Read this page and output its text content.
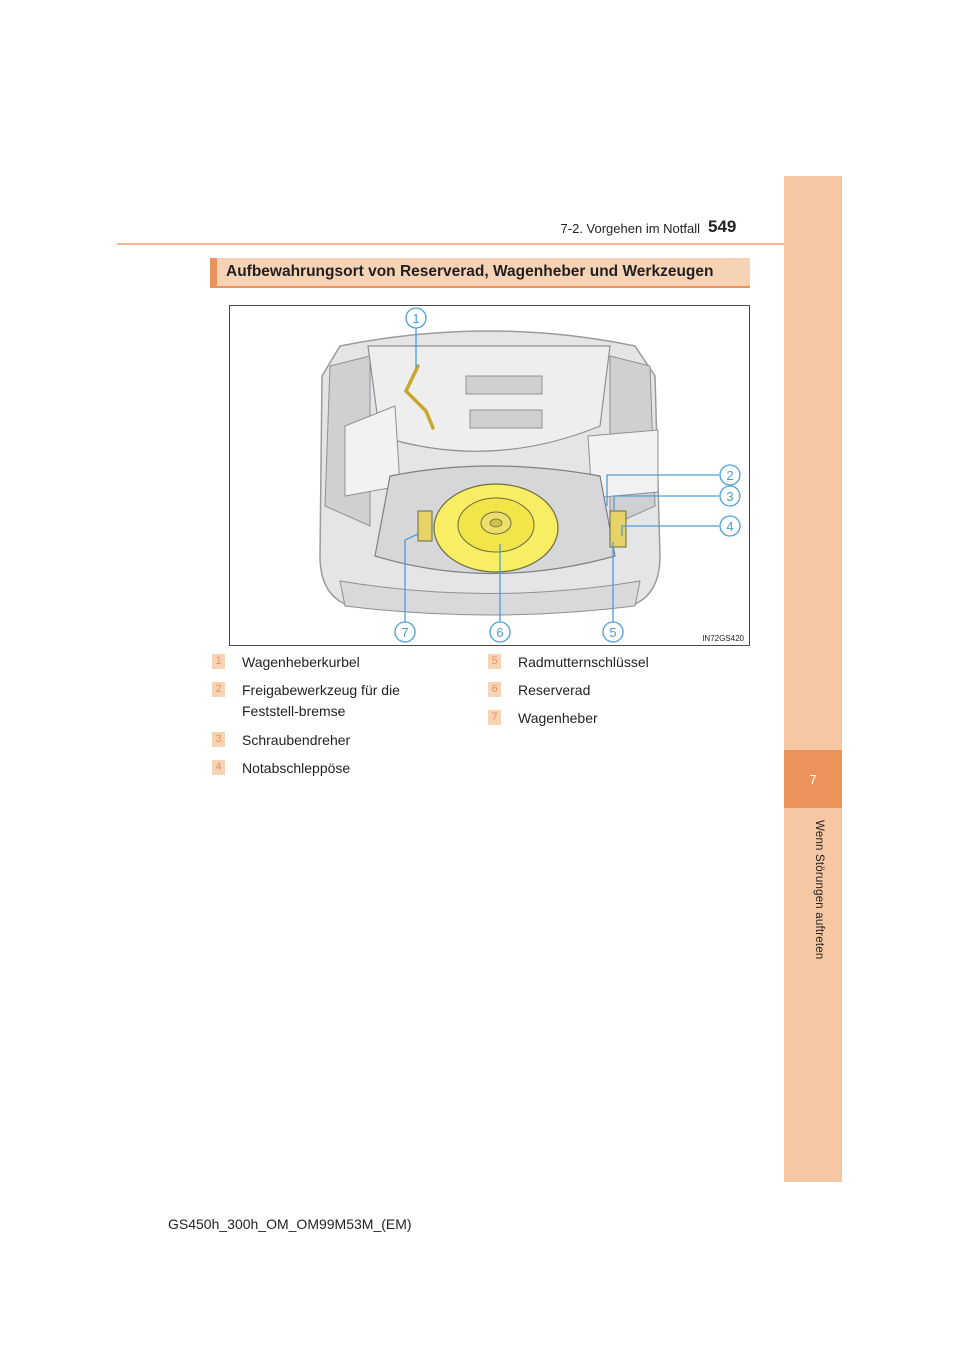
7
Wenn Störungen auftreten
7-2. Vorgehen im Notfall 549
Aufbewahrungsort von Reserverad, Wagenheber und Werkzeugen
1
2
3
4
5
6
7	IN72GS420
1 Wagenheberkurbel
2 Freigabewerkzeug für die Feststell-bremse
3 Schraubendreher
4 Notabschleppöse
5 Radmutternschlüssel
6 Reserverad
7 Wagenheber
GS450h_300h_OM_OM99M53M_(EM)
